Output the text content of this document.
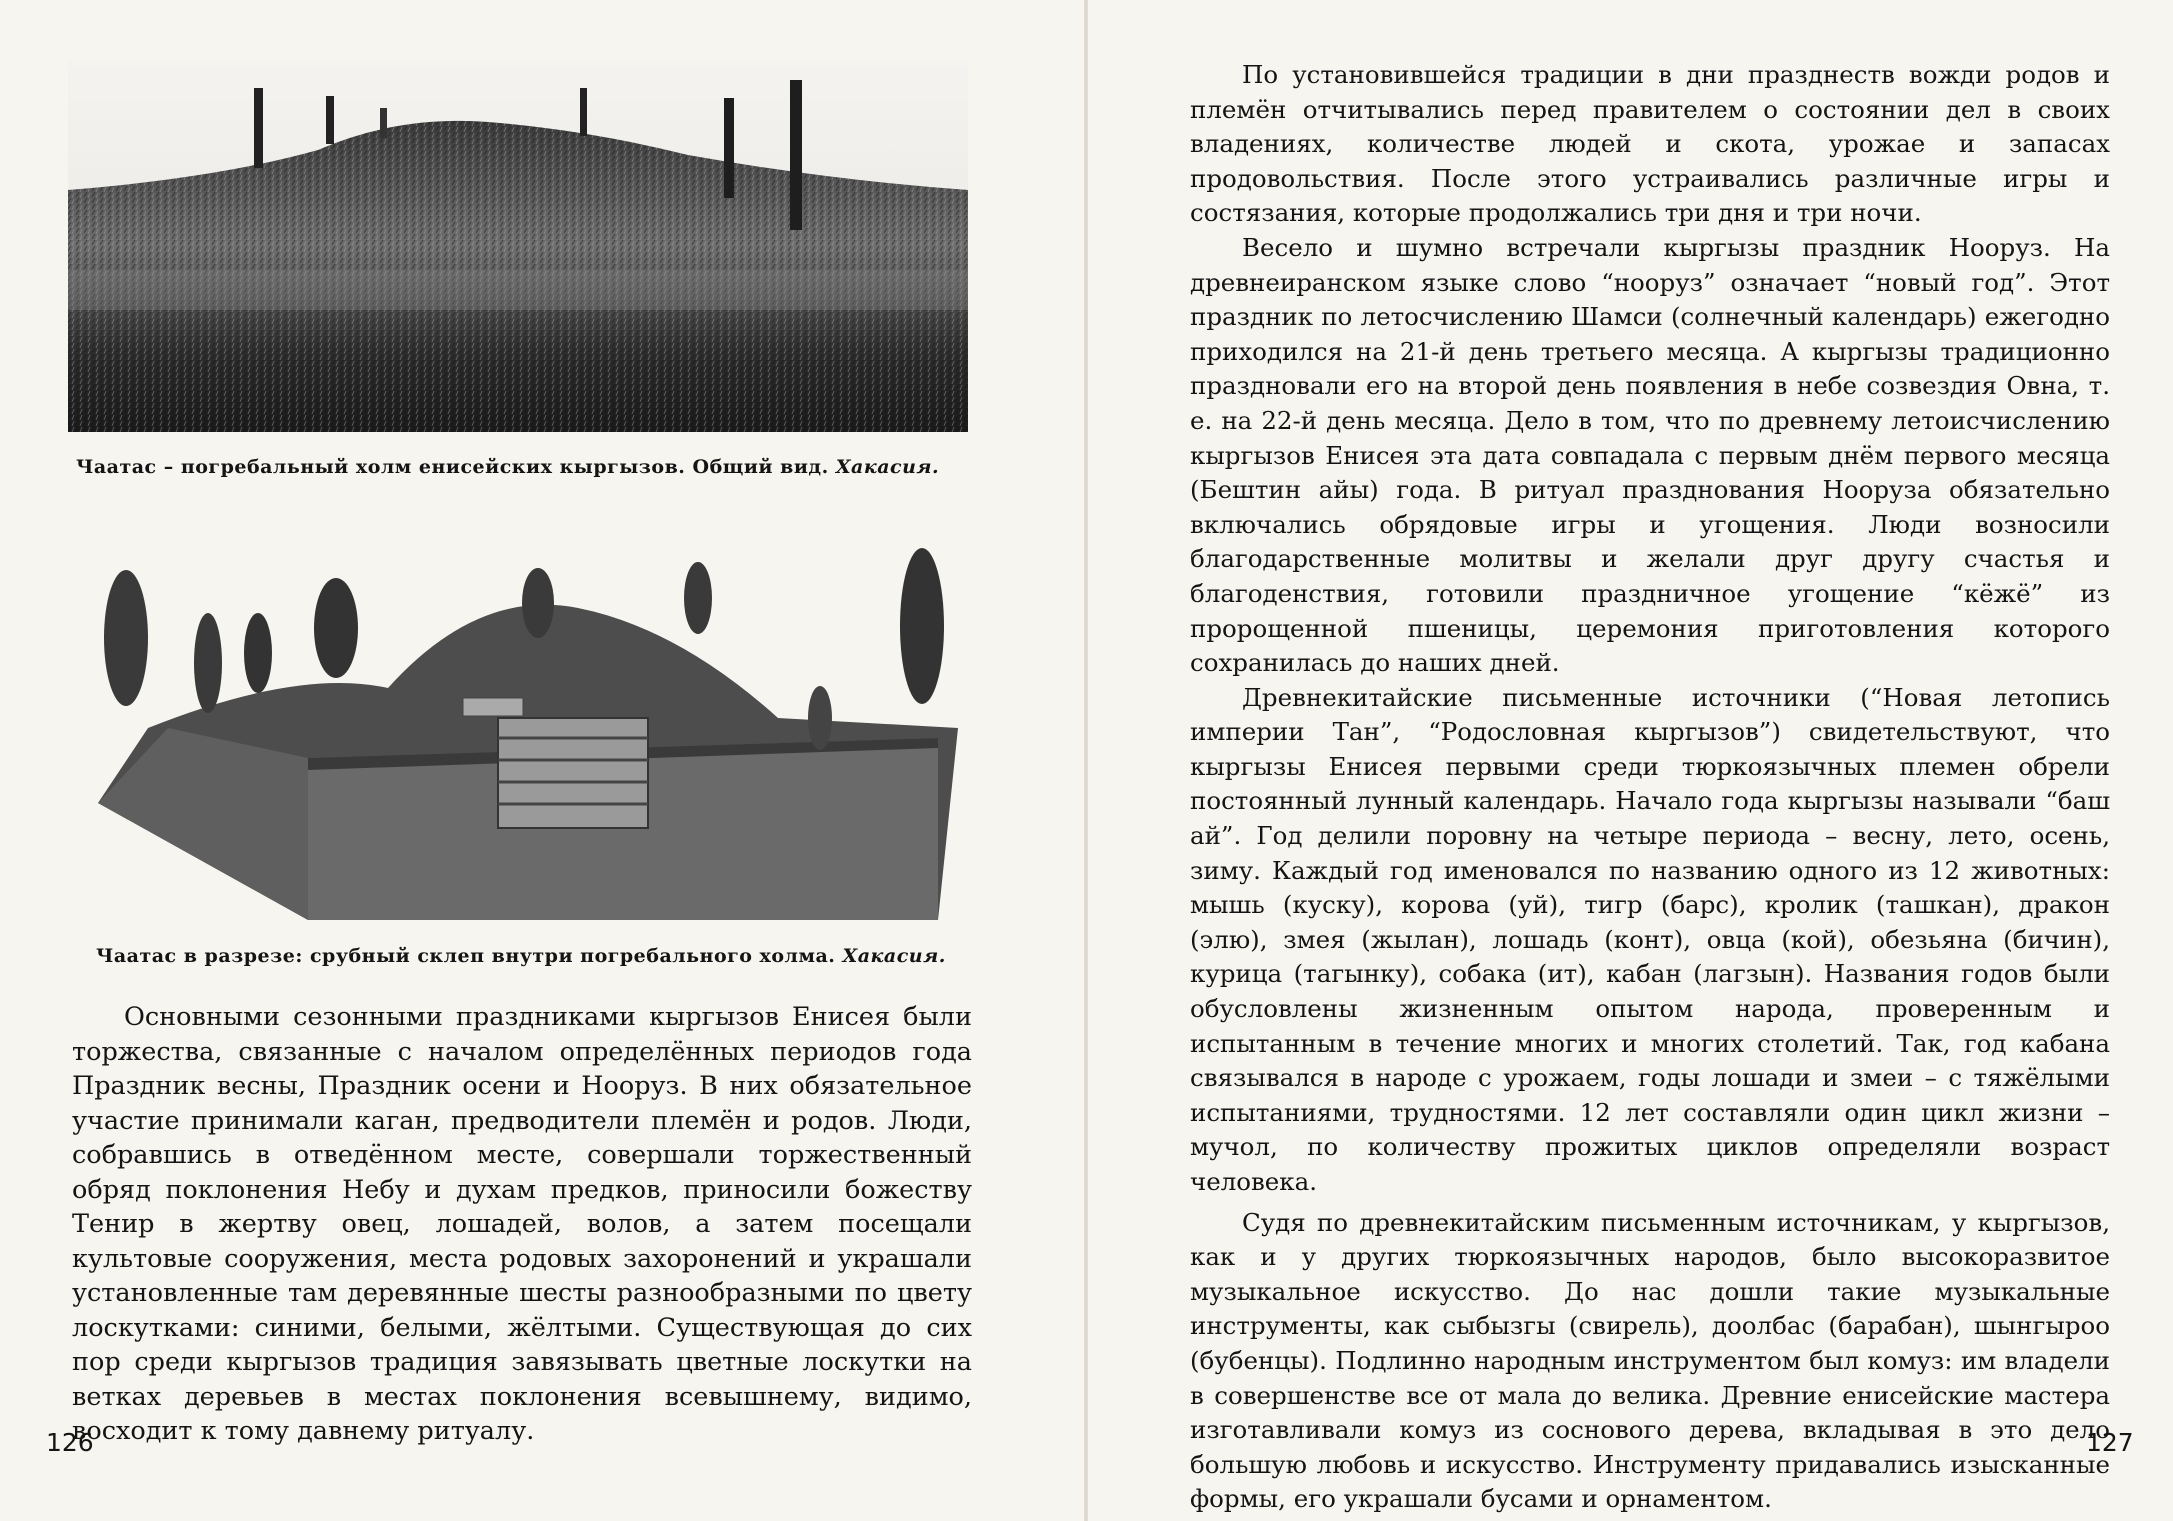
Чаатас – погребальный холм енисейских кыргызов. Общий вид. Хакасия.
Чаатас в разрезе: срубный склеп внутри погребального холма. Хакасия.

Основными сезонными праздниками кыргызов Енисея были торжества, связанные с началом определённых периодов года Праздник весны, Праздник осени и Нооруз. В них обязательное участие принимали каган, предводители племён и родов. Люди, собравшись в отведённом месте, совершали торжественный обряд поклонения Небу и духам предков, приносили божеству Тенир в жертву овец, лошадей, волов, а затем посещали культовые сооружения, места родовых захоронений и украшали установленные там деревянные шесты разнообразными по цвету лоскутками: синими, белыми, жёлтыми. Существующая до сих пор среди кыргызов традиция завязывать цветные лоскутки на ветках деревьев в местах поклонения всевышнему, видимо, восходит к тому давнему ритуалу.

126

По установившейся традиции в дни празднеств вожди родов и племён отчитывались перед правителем о состоянии дел в своих владениях, количестве людей и скота, урожае и запасах продовольствия. После этого устраивались различные игры и состязания, которые продолжались три дня и три ночи.

Весело и шумно встречали кыргызы праздник Нооруз. На древнеиранском языке слово “нооруз” означает “новый год”. Этот праздник по летосчислению Шамси (солнечный календарь) ежегодно приходился на 21-й день третьего месяца. А кыргызы традиционно праздновали его на второй день появления в небе созвездия Овна, т. е. на 22-й день месяца. Дело в том, что по древнему летоисчислению кыргызов Енисея эта дата совпадала с первым днём первого месяца (Бештин айы) года. В ритуал празднования Нооруза обязательно включались обрядовые игры и угощения. Люди возносили благодарственные молитвы и желали друг другу счастья и благоденствия, готовили праздничное угощение “кёжё” из пророщенной пшеницы, церемония приготовления которого сохранилась до наших дней.

Древнекитайские письменные источники (“Новая летопись империи Тан”, “Родословная кыргызов”) свидетельствуют, что кыргызы Енисея первыми среди тюркоязычных племен обрели постоянный лунный календарь. Начало года кыргызы называли “баш ай”. Год делили поровну на четыре периода – весну, лето, осень, зиму. Каждый год именовался по названию одного из 12 животных: мышь (куску), корова (уй), тигр (барс), кролик (ташкан), дракон (элю), змея (жылан), лошадь (конт), овца (кой), обезьяна (бичин), курица (тагынку), собака (ит), кабан (лагзын). Названия годов были обусловлены жизненным опытом народа, проверенным и испытанным в течение многих и многих столетий. Так, год кабана связывался в народе с урожаем, годы лошади и змеи – с тяжёлыми испытаниями, трудностями. 12 лет составляли один цикл жизни – мучол, по количеству прожитых циклов определяли возраст человека.

Судя по древнекитайским письменным источникам, у кыргызов, как и у других тюркоязычных народов, было высокоразвитое музыкальное искусство. До нас дошли такие музыкальные инструменты, как сыбызгы (свирель), доолбас (барабан), шынгырoo (бубенцы). Подлинно народным инструментом был комуз: им владели в совершенстве все от мала до велика. Древние енисейские мастера изготавливали комуз из соснового дерева, вкладывая в это дело большую любовь и искусство. Инструменту придавались изысканные формы, его украшали бусами и орнаментом.

127
